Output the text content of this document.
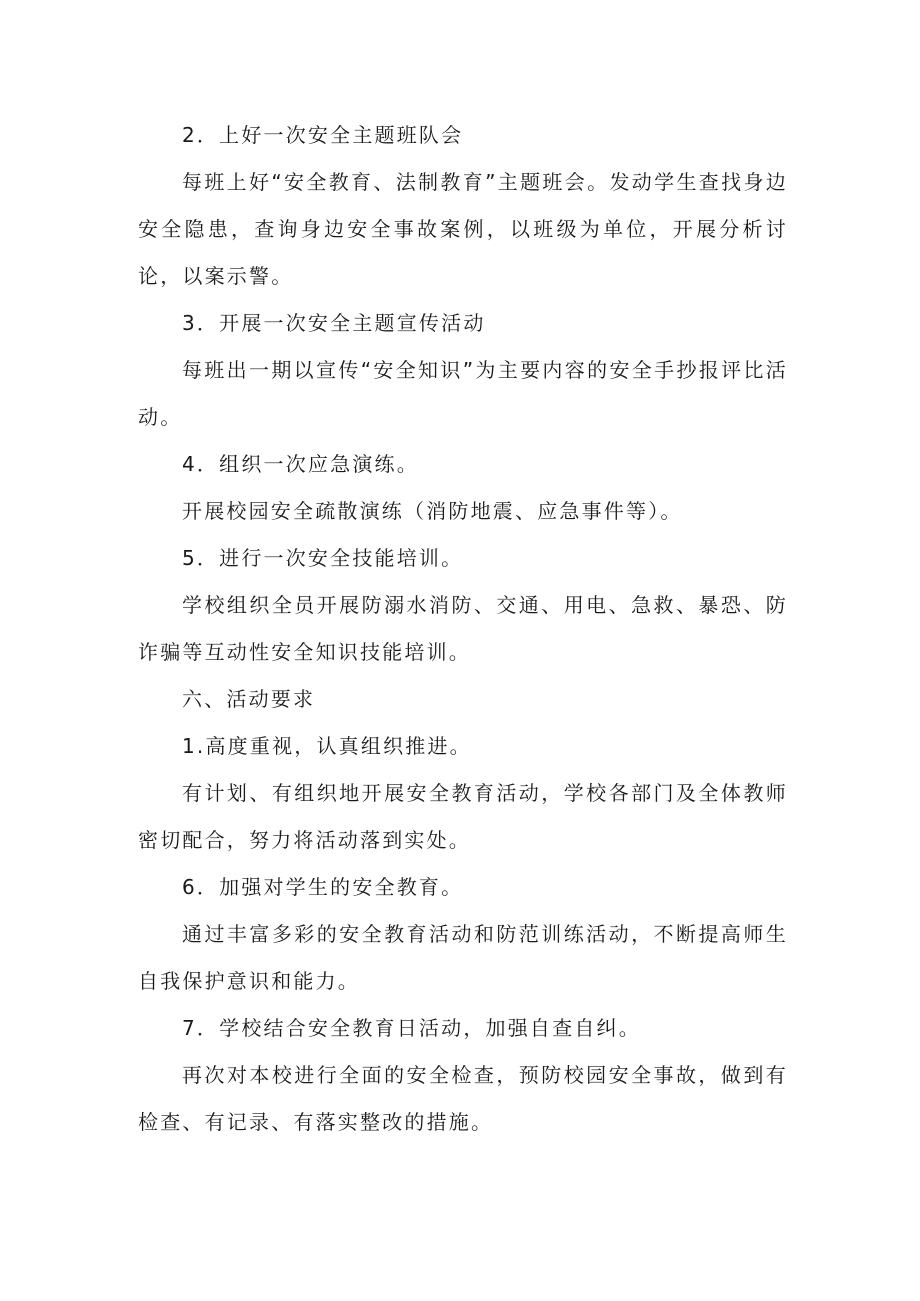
2．上好一次安全主题班队会

每班上好“安全教育、法制教育”主题班会。发动学生查找身边安全隐患，查询身边安全事故案例，以班级为单位，开展分析讨论，以案示警。

3．开展一次安全主题宣传活动

每班出一期以宣传“安全知识”为主要内容的安全手抄报评比活动。

4．组织一次应急演练。

开展校园安全疏散演练（消防地震、应急事件等）。

5．进行一次安全技能培训。

学校组织全员开展防溺水消防、交通、用电、急救、暴恐、防诈骗等互动性安全知识技能培训。

六、活动要求

1.高度重视，认真组织推进。

有计划、有组织地开展安全教育活动，学校各部门及全体教师密切配合，努力将活动落到实处。

6．加强对学生的安全教育。

通过丰富多彩的安全教育活动和防范训练活动，不断提高师生自我保护意识和能力。

7．学校结合安全教育日活动，加强自查自纠。

再次对本校进行全面的安全检查，预防校园安全事故，做到有检查、有记录、有落实整改的措施。
